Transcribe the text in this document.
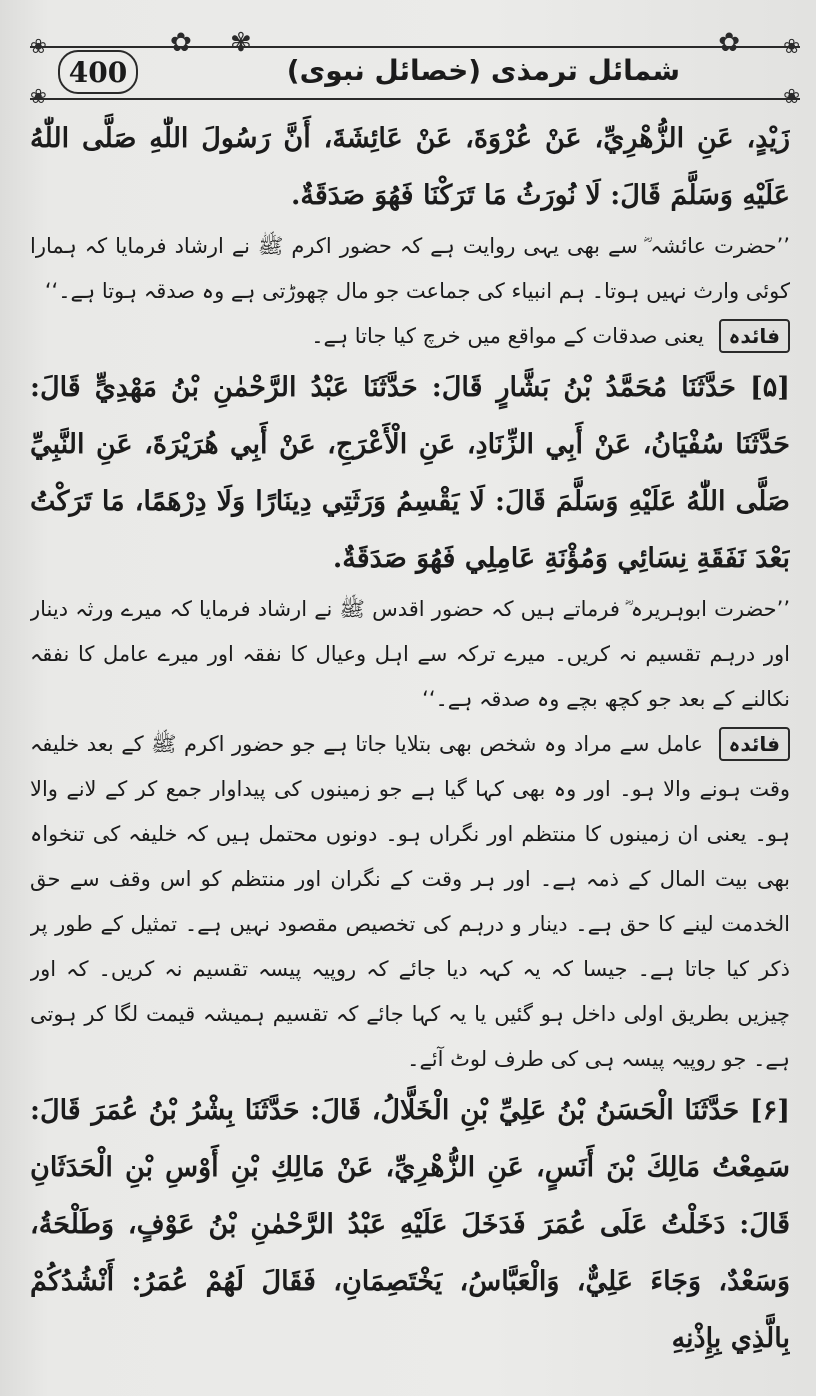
❀	✿ ✾	✿ ❀
❀	❀
400	شمائل ترمذی (خصائل نبوی)

زَيْدٍ، عَنِ الزُّهْرِيِّ، عَنْ عُرْوَةَ، عَنْ عَائِشَةَ، أَنَّ رَسُولَ اللّٰهِ صَلَّى اللّٰهُ عَلَيْهِ وَسَلَّمَ قَالَ: لَا نُورَثُ مَا تَرَكْنَا فَهُوَ صَدَقَةٌ.

’’حضرت عائشہ ؓ سے بھی یہی روایت ہے کہ حضور اکرم ﷺ نے ارشاد فرمایا کہ ہمارا کوئی وارث نہیں ہوتا۔ ہم انبیاء کی جماعت جو مال چھوڑتی ہے وہ صدقہ ہوتا ہے۔‘‘

فائدہ یعنی صدقات کے مواقع میں خرچ کیا جاتا ہے۔

[۵] حَدَّثَنَا مُحَمَّدُ بْنُ بَشَّارٍ قَالَ: حَدَّثَنَا عَبْدُ الرَّحْمٰنِ بْنُ مَهْدِيٍّ قَالَ: حَدَّثَنَا سُفْيَانُ، عَنْ أَبِي الزِّنَادِ، عَنِ الْأَعْرَجِ، عَنْ أَبِي هُرَيْرَةَ، عَنِ النَّبِيِّ صَلَّى اللّٰهُ عَلَيْهِ وَسَلَّمَ قَالَ: لَا يَقْسِمُ وَرَثَتِي دِينَارًا وَلَا دِرْهَمًا، مَا تَرَكْتُ بَعْدَ نَفَقَةِ نِسَائِي وَمُؤْنَةِ عَامِلِي فَهُوَ صَدَقَةٌ.

’’حضرت ابوہریرہ ؓ فرماتے ہیں کہ حضور اقدس ﷺ نے ارشاد فرمایا کہ میرے ورثہ دینار اور درہم تقسیم نہ کریں۔ میرے ترکہ سے اہل وعیال کا نفقہ اور میرے عامل کا نفقہ نکالنے کے بعد جو کچھ بچے وہ صدقہ ہے۔‘‘

فائدہ عامل سے مراد وہ شخص بھی بتلایا جاتا ہے جو حضور اکرم ﷺ کے بعد خلیفہ وقت ہونے والا ہو۔ اور وہ بھی کہا گیا ہے جو زمینوں کی پیداوار جمع کر کے لانے والا ہو۔ یعنی ان زمینوں کا منتظم اور نگراں ہو۔ دونوں محتمل ہیں کہ خلیفہ کی تنخواہ بھی بیت المال کے ذمہ ہے۔ اور ہر وقت کے نگران اور منتظم کو اس وقف سے حق الخدمت لینے کا حق ہے۔ دینار و درہم کی تخصیص مقصود نہیں ہے۔ تمثیل کے طور پر ذکر کیا جاتا ہے۔ جیسا کہ یہ کہہ دیا جائے کہ روپیہ پیسہ تقسیم نہ کریں۔ کہ اور چیزیں بطریق اولی داخل ہو گئیں یا یہ کہا جائے کہ تقسیم ہمیشہ قیمت لگا کر ہوتی ہے۔ جو روپیہ پیسہ ہی کی طرف لوٹ آئے۔

[۶] حَدَّثَنَا الْحَسَنُ بْنُ عَلِيِّ بْنِ الْخَلَّالُ، قَالَ: حَدَّثَنَا بِشْرُ بْنُ عُمَرَ قَالَ: سَمِعْتُ مَالِكَ بْنَ أَنَسٍ، عَنِ الزُّهْرِيِّ، عَنْ مَالِكِ بْنِ أَوْسِ بْنِ الْحَدَثَانِ قَالَ: دَخَلْتُ عَلَى عُمَرَ فَدَخَلَ عَلَيْهِ عَبْدُ الرَّحْمٰنِ بْنُ عَوْفٍ، وَطَلْحَةُ، وَسَعْدٌ، وَجَاءَ عَلِيٌّ، وَالْعَبَّاسُ، يَخْتَصِمَانِ، فَقَالَ لَهُمْ عُمَرُ: أَنْشُدُكُمْ بِالَّذِي بِإِذْنِهِ
